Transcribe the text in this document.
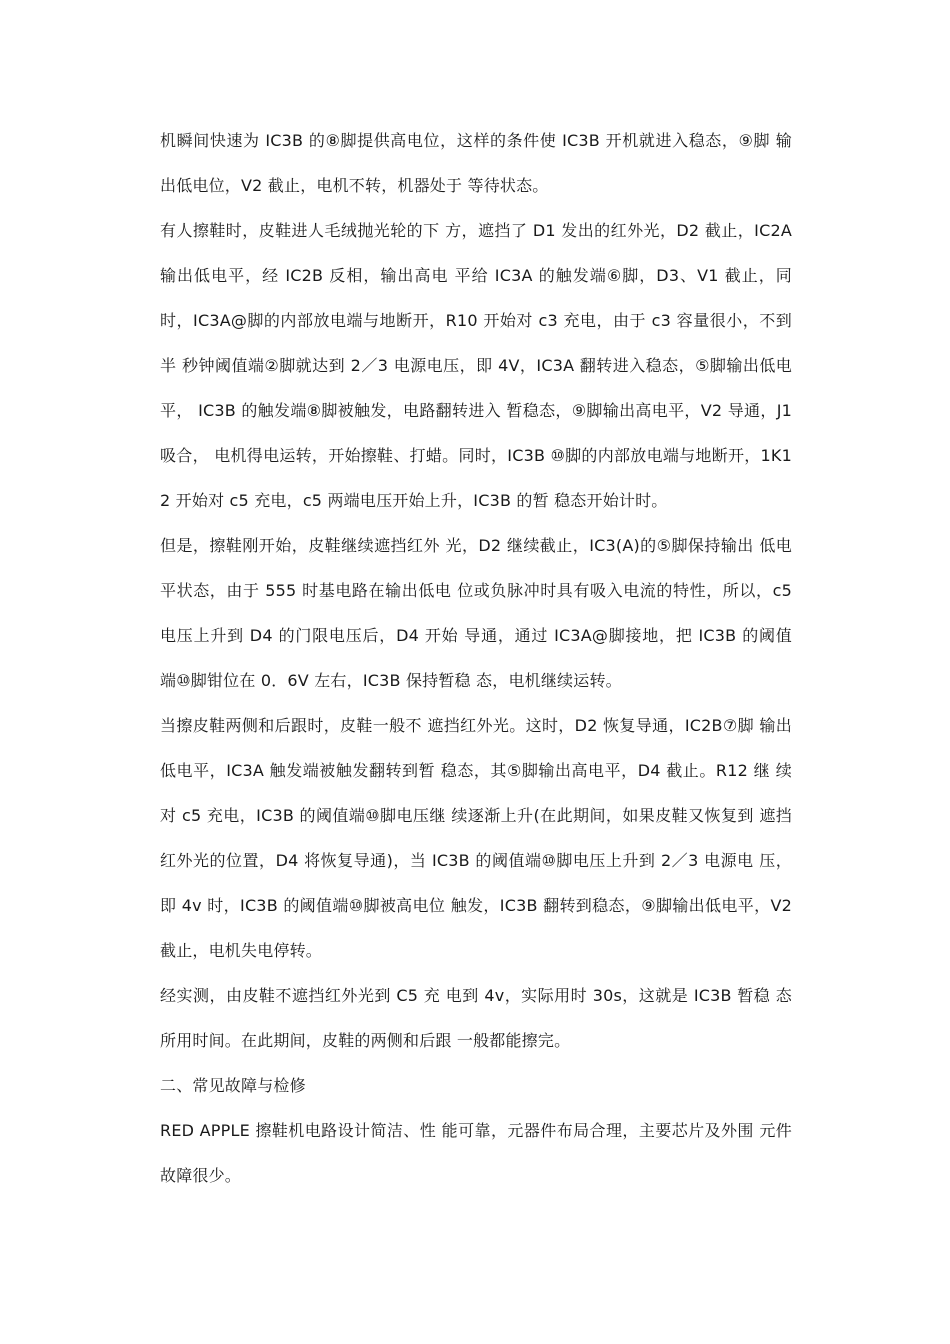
机瞬间快速为 IC3B 的⑧脚提供高电位，这样的条件使 IC3B 开机就进入稳态，⑨脚 输出低电位，V2 截止，电机不转，机器处于 等待状态。

有人擦鞋时，皮鞋进人毛绒抛光轮的下 方，遮挡了 D1 发出的红外光，D2 截止，IC2A 输出低电平，经 IC2B 反相，输出高电 平给 IC3A 的触发端⑥脚，D3、V1 截止，同 时，IC3A@脚的内部放电端与地断开，R10 开始对 c3 充电，由于 c3 容量很小，不到半 秒钟阈值端②脚就达到 2／3 电源电压，即 4V，IC3A 翻转进入稳态，⑤脚输出低电平， IC3B 的触发端⑧脚被触发，电路翻转进入 暂稳态，⑨脚输出高电平，V2 导通，J1 吸合， 电机得电运转，开始擦鞋、打蜡。同时，IC3B ⑩脚的内部放电端与地断开，1K12 开始对 c5 充电，c5 两端电压开始上升，IC3B 的暂 稳态开始计时。

但是，擦鞋刚开始，皮鞋继续遮挡红外 光，D2 继续截止，IC3(A)的⑤脚保持输出 低电平状态，由于 555 时基电路在输出低电 位或负脉冲时具有吸入电流的特性，所以，c5 电压上升到 D4 的门限电压后，D4 开始 导通，通过 IC3A@脚接地，把 IC3B 的阈值 端⑩脚钳位在 0．6V 左右，IC3B 保持暂稳 态，电机继续运转。

当擦皮鞋两侧和后跟时，皮鞋一般不 遮挡红外光。这时，D2 恢复导通，IC2B⑦脚 输出低电平，IC3A 触发端被触发翻转到暂 稳态，其⑤脚输出高电平，D4 截止。R12 继 续对 c5 充电，IC3B 的阈值端⑩脚电压继 续逐渐上升(在此期间，如果皮鞋又恢复到 遮挡红外光的位置，D4 将恢复导通)，当 IC3B 的阈值端⑩脚电压上升到 2／3 电源电 压，即 4v 时，IC3B 的阈值端⑩脚被高电位 触发，IC3B 翻转到稳态，⑨脚输出低电平，V2 截止，电机失电停转。

经实测，由皮鞋不遮挡红外光到 C5 充 电到 4v，实际用时 30s，这就是 IC3B 暂稳 态所用时间。在此期间，皮鞋的两侧和后跟 一般都能擦完。

二、常见故障与检修

RED APPLE 擦鞋机电路设计简洁、性 能可靠，元器件布局合理，主要芯片及外围 元件故障很少。
